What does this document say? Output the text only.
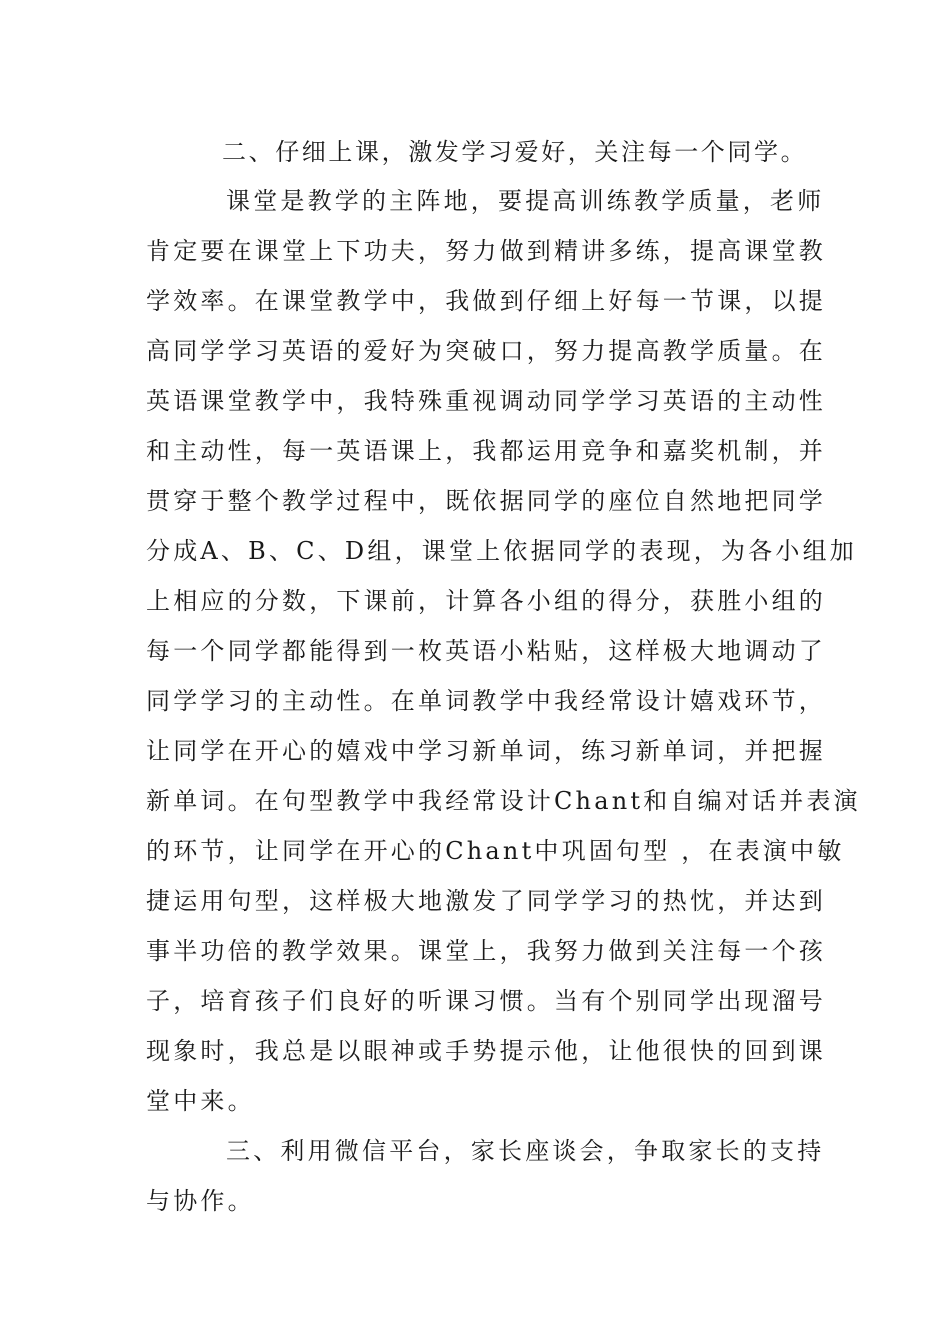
二、仔细上课，激发学习爱好，关注每一个同学。
课堂是教学的主阵地，要提高训练教学质量，老师
肯定要在课堂上下功夫，努力做到精讲多练，提高课堂教
学效率。在课堂教学中，我做到仔细上好每一节课，以提
高同学学习英语的爱好为突破口，努力提高教学质量。在
英语课堂教学中，我特殊重视调动同学学习英语的主动性
和主动性，每一英语课上，我都运用竞争和嘉奖机制，并
贯穿于整个教学过程中，既依据同学的座位自然地把同学
分成A、B、C、D组，课堂上依据同学的表现，为各小组加
上相应的分数，下课前，计算各小组的得分，获胜小组的
每一个同学都能得到一枚英语小粘贴，这样极大地调动了
同学学习的主动性。在单词教学中我经常设计嬉戏环节，
让同学在开心的嬉戏中学习新单词，练习新单词，并把握
新单词。在句型教学中我经常设计Chant和自编对话并表演
的环节，让同学在开心的Chant中巩固句型 ，在表演中敏
捷运用句型，这样极大地激发了同学学习的热忱，并达到
事半功倍的教学效果。课堂上，我努力做到关注每一个孩
子，培育孩子们良好的听课习惯。当有个别同学出现溜号
现象时，我总是以眼神或手势提示他，让他很快的回到课
堂中来。
三、利用微信平台，家长座谈会，争取家长的支持
与协作。
